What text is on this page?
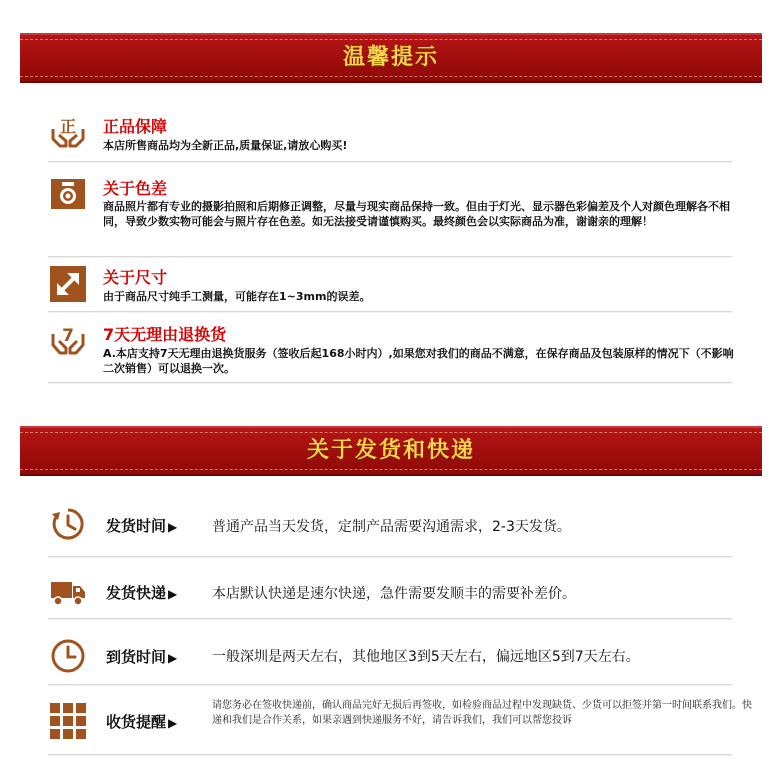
温馨提示
正 正品保障
本店所售商品均为全新正品,质量保证,请放心购买!
关于色差
商品照片都有专业的摄影拍照和后期修正调整，尽量与现实商品保持一致。但由于灯光、显示器色彩偏差及个人对颜色理解各不相同，导致少数实物可能会与照片存在色差。如无法接受请谨慎购买。最终颜色会以实际商品为准，谢谢亲的理解！
关于尺寸
由于商品尺寸纯手工测量，可能存在1~3mm的误差。
7 7天无理由退换货
A.本店支持7天无理由退换货服务（签收后起168小时内）,如果您对我们的商品不满意，在保存商品及包装原样的情况下（不影响二次销售）可以退换一次。
关于发货和快递
发货时间 ▶ 普通产品当天发货，定制产品需要沟通需求，2-3天发货。
发货快递 ▶ 本店默认快递是速尔快递，急件需要发顺丰的需要补差价。
到货时间 ▶ 一般深圳是两天左右，其他地区3到5天左右，偏远地区5到7天左右。
收货提醒 ▶
请您务必在签收快递前，确认商品完好无损后再签收，如检验商品过程中发现缺货、少货可以拒签并第一时间联系我们。快递和我们是合作关系，如果亲遇到快递服务不好，请告诉我们，我们可以帮您投诉
